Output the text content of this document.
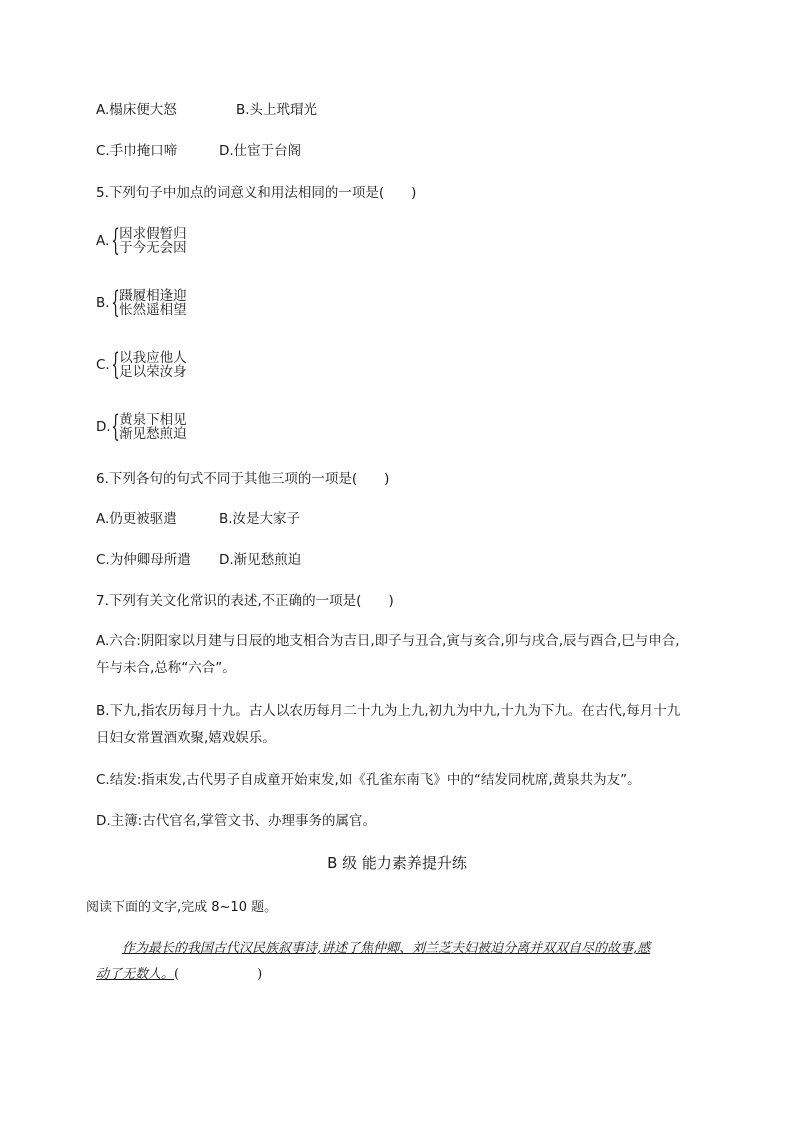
A.榻床便大怒	B.头上玳瑁光
C.手巾掩口啼	D.仕宦于台阁
5.下列句子中加点的词意义和用法相同的一项是(　　)
A. { 因求假暂归
于今无会因
B. { 蹑履相逢迎
怅然遥相望
C. { 以我应他人
足以荣汝身
D. { 黄泉下相见
渐见愁煎迫
6.下列各句的句式不同于其他三项的一项是(　　)
A.仍更被驱遣	B.汝是大家子
C.为仲卿母所遣 D.渐见愁煎迫
7.下列有关文化常识的表述,不正确的一项是(　　)
A.六合:阴阳家以月建与日辰的地支相合为吉日,即子与丑合,寅与亥合,卯与戌合,辰与酉合,巳与申合,
午与未合,总称“六合”。
B.下九,指农历每月十九。古人以农历每月二十九为上九,初九为中九,十九为下九。在古代,每月十九
日妇女常置酒欢聚,嬉戏娱乐。
C.结发:指束发,古代男子自成童开始束发,如《孔雀东南飞》中的“结发同枕席,黄泉共为友”。
D.主簿:古代官名,掌管文书、办理事务的属官。
B 级 能力素养提升练
阅读下面的文字,完成 8~10 题。
作为最长的我国古代汉民族叙事诗,讲述了焦仲卿、刘兰芝夫妇被迫分离并双双自尽的故事,感
动了无数人。(　　　　　　)
